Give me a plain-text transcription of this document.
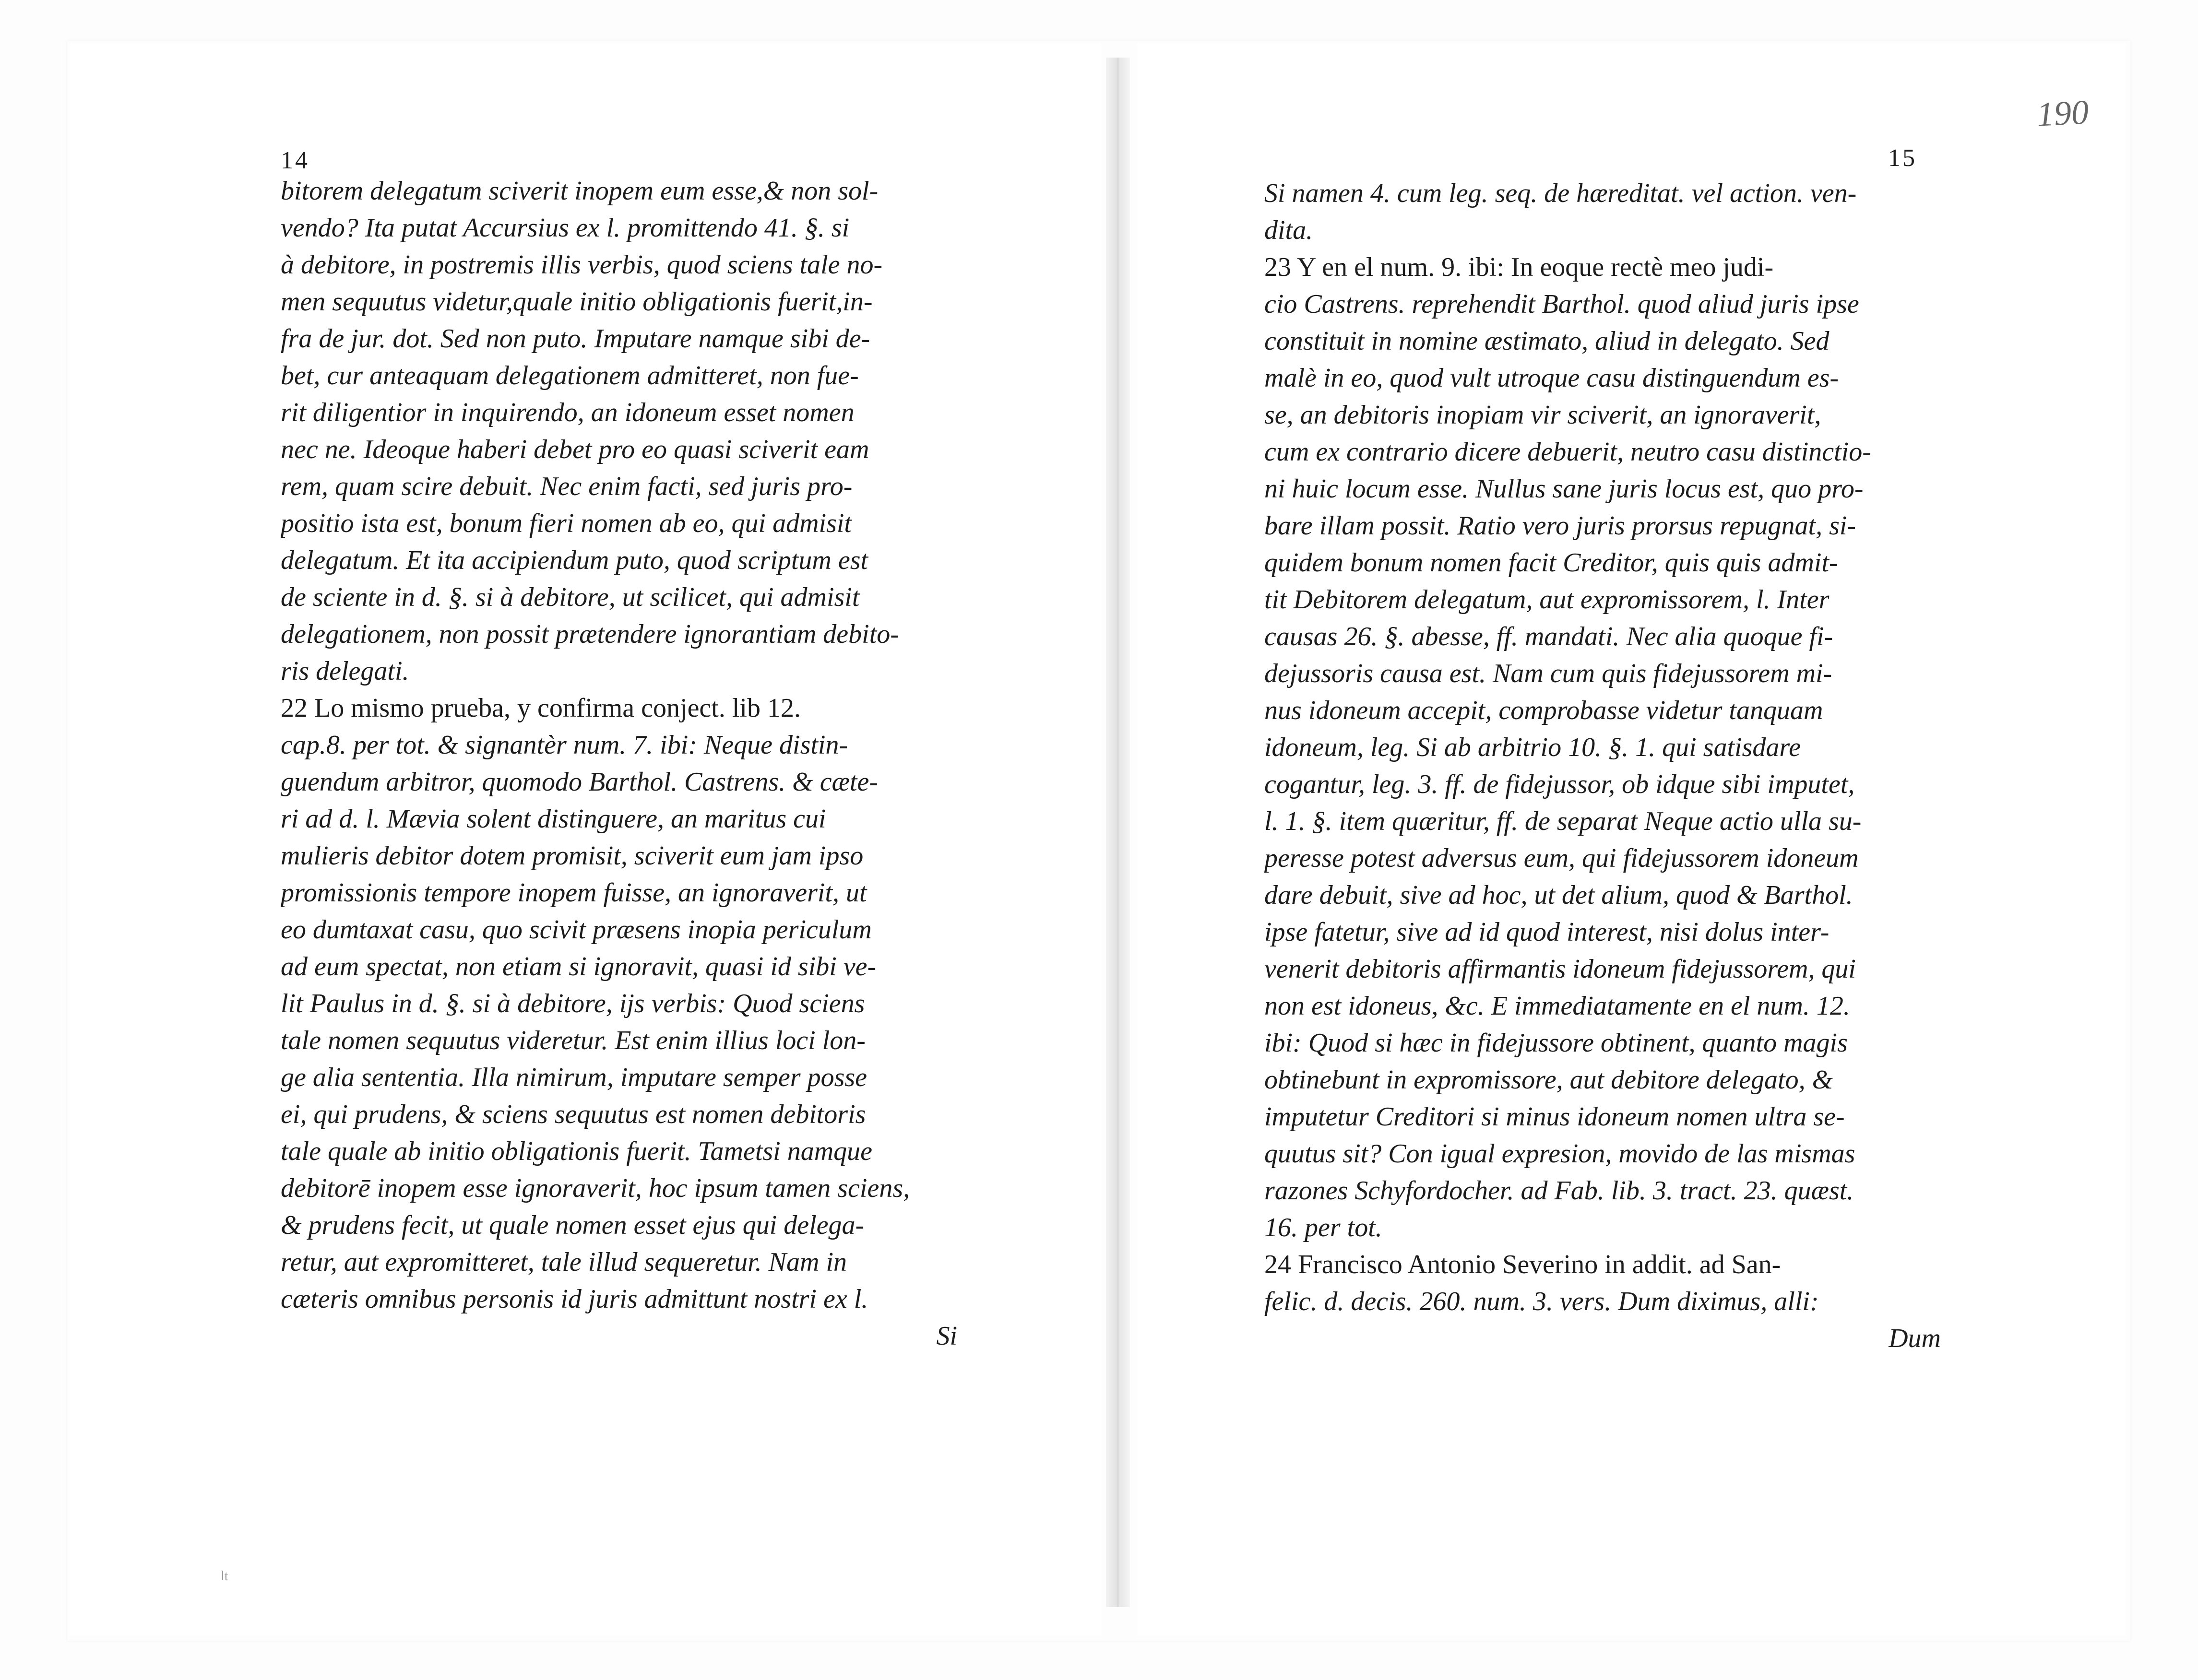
14	15
190
lt
bitorem delegatum sciverit inopem eum esse,& non sol-
vendo? Ita putat Accursius ex l. promittendo 41. §. si
à debitore, in postremis illis verbis, quod sciens tale no-
men sequutus videtur,quale initio obligationis fuerit,in-
fra de jur. dot. Sed non puto. Imputare namque sibi de-
bet, cur anteaquam delegationem admitteret, non fue-
rit diligentior in inquirendo, an idoneum esset nomen
nec ne. Ideoque haberi debet pro eo quasi sciverit eam
rem, quam scire debuit. Nec enim facti, sed juris pro-
positio ista est, bonum fieri nomen ab eo, qui admisit
delegatum. Et ita accipiendum puto, quod scriptum est
de sciente in d. §. si à debitore, ut scilicet, qui admisit
delegationem, non possit prætendere ignorantiam debito-
ris delegati.
22 Lo mismo prueba, y confirma conject. lib 12.
cap.8. per tot. & signantèr num. 7. ibi: Neque distin-
guendum arbitror, quomodo Barthol. Castrens. & cæte-
ri ad d. l. Mævia solent distinguere, an maritus cui
mulieris debitor dotem promisit, sciverit eum jam ipso
promissionis tempore inopem fuisse, an ignoraverit, ut
eo dumtaxat casu, quo scivit præsens inopia periculum
ad eum spectat, non etiam si ignoravit, quasi id sibi ve-
lit Paulus in d. §. si à debitore, ijs verbis: Quod sciens
tale nomen sequutus videretur. Est enim illius loci lon-
ge alia sententia. Illa nimirum, imputare semper posse
ei, qui prudens, & sciens sequutus est nomen debitoris
tale quale ab initio obligationis fuerit. Tametsi namque
debitorē inopem esse ignoraverit, hoc ipsum tamen sciens,
& prudens fecit, ut quale nomen esset ejus qui delega-
retur, aut expromitteret, tale illud sequeretur. Nam in
cæteris omnibus personis id juris admittunt nostri ex l.
Si
Si namen 4. cum leg. seq. de hæreditat. vel action. ven-
dita.
23 Y en el num. 9. ibi: In eoque rectè meo judi-
cio Castrens. reprehendit Barthol. quod aliud juris ipse
constituit in nomine æstimato, aliud in delegato. Sed
malè in eo, quod vult utroque casu distinguendum es-
se, an debitoris inopiam vir sciverit, an ignoraverit,
cum ex contrario dicere debuerit, neutro casu distinctio-
ni huic locum esse. Nullus sane juris locus est, quo pro-
bare illam possit. Ratio vero juris prorsus repugnat, si-
quidem bonum nomen facit Creditor, quis quis admit-
tit Debitorem delegatum, aut expromissorem, l. Inter
causas 26. §. abesse, ff. mandati. Nec alia quoque fi-
dejussoris causa est. Nam cum quis fidejussorem mi-
nus idoneum accepit, comprobasse videtur tanquam
idoneum, leg. Si ab arbitrio 10. §. 1. qui satisdare
cogantur, leg. 3. ff. de fidejussor, ob idque sibi imputet,
l. 1. §. item quæritur, ff. de separat Neque actio ulla su-
peresse potest adversus eum, qui fidejussorem idoneum
dare debuit, sive ad hoc, ut det alium, quod & Barthol.
ipse fatetur, sive ad id quod interest, nisi dolus inter-
venerit debitoris affirmantis idoneum fidejussorem, qui
non est idoneus, &c. E immediatamente en el num. 12.
ibi: Quod si hæc in fidejussore obtinent, quanto magis
obtinebunt in expromissore, aut debitore delegato, &
imputetur Creditori si minus idoneum nomen ultra se-
quutus sit? Con igual expresion, movido de las mismas
razones Schyfordocher. ad Fab. lib. 3. tract. 23. quæst.
16. per tot.
24 Francisco Antonio Severino in addit. ad San-
felic. d. decis. 260. num. 3. vers. Dum diximus, alli:
Dum
